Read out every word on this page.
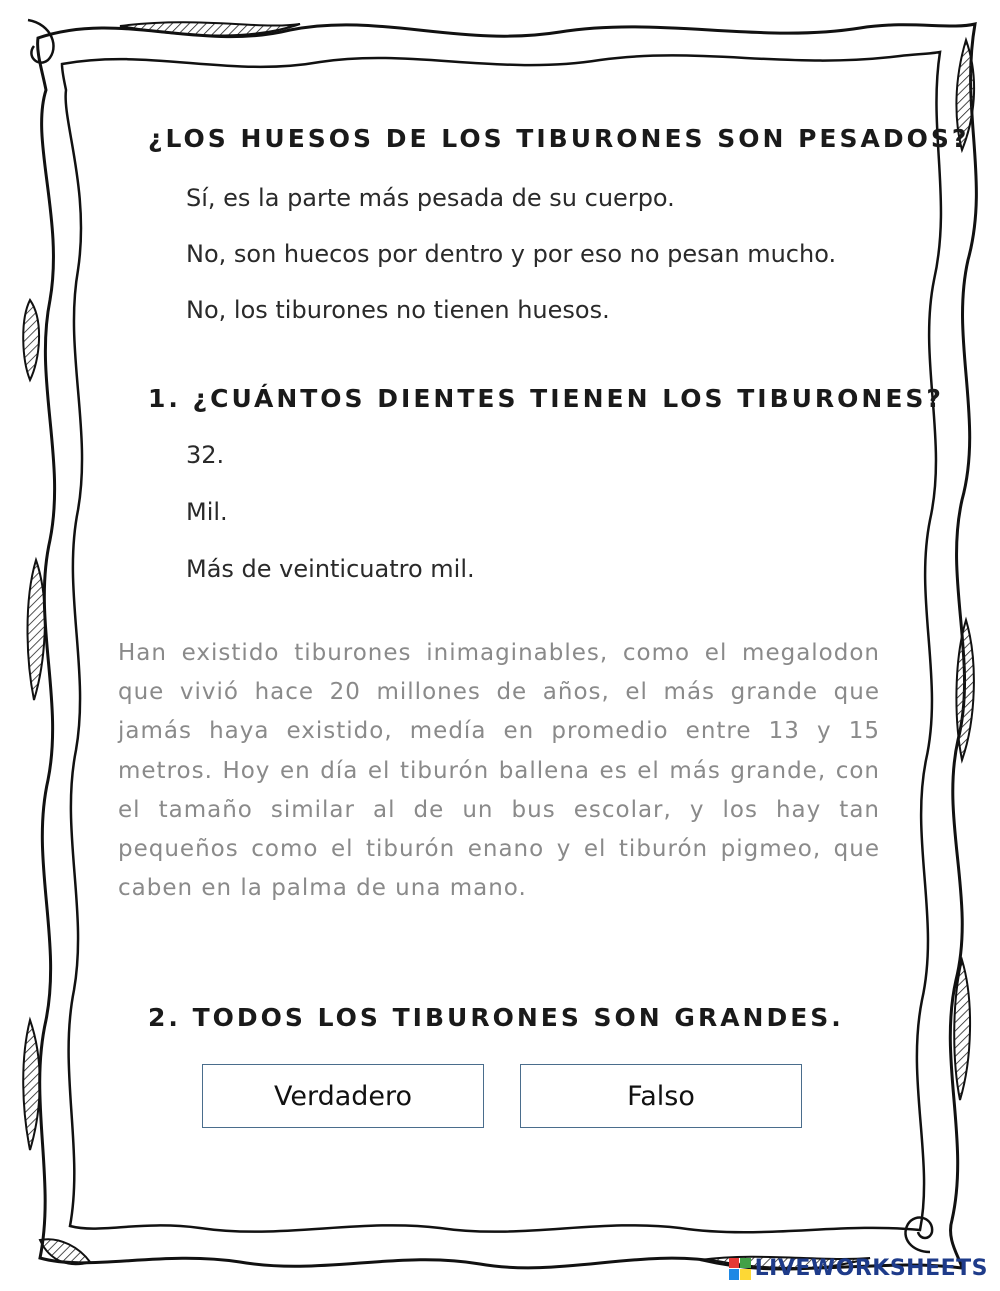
¿LOS HUESOS DE LOS TIBURONES SON PESADOS?
Sí, es la parte más pesada de su cuerpo.
No, son huecos por dentro y por eso no pesan mucho.
No, los tiburones no tienen huesos.
1. ¿CUÁNTOS DIENTES TIENEN LOS TIBURONES?
32.
Mil.
Más de veinticuatro mil.

Han existido tiburones inimaginables, como el megalodon que vivió hace 20 millones de años, el más grande que jamás haya existido, medía en promedio entre 13 y 15 metros. Hoy en día el tiburón ballena es el más grande, con el tamaño similar al de un bus escolar, y los hay tan pequeños como el tiburón enano y el tiburón pigmeo, que caben en la palma de una mano.

2. TODOS LOS TIBURONES SON GRANDES.
Verdadero	Falso
LIVEWORKSHEETS
